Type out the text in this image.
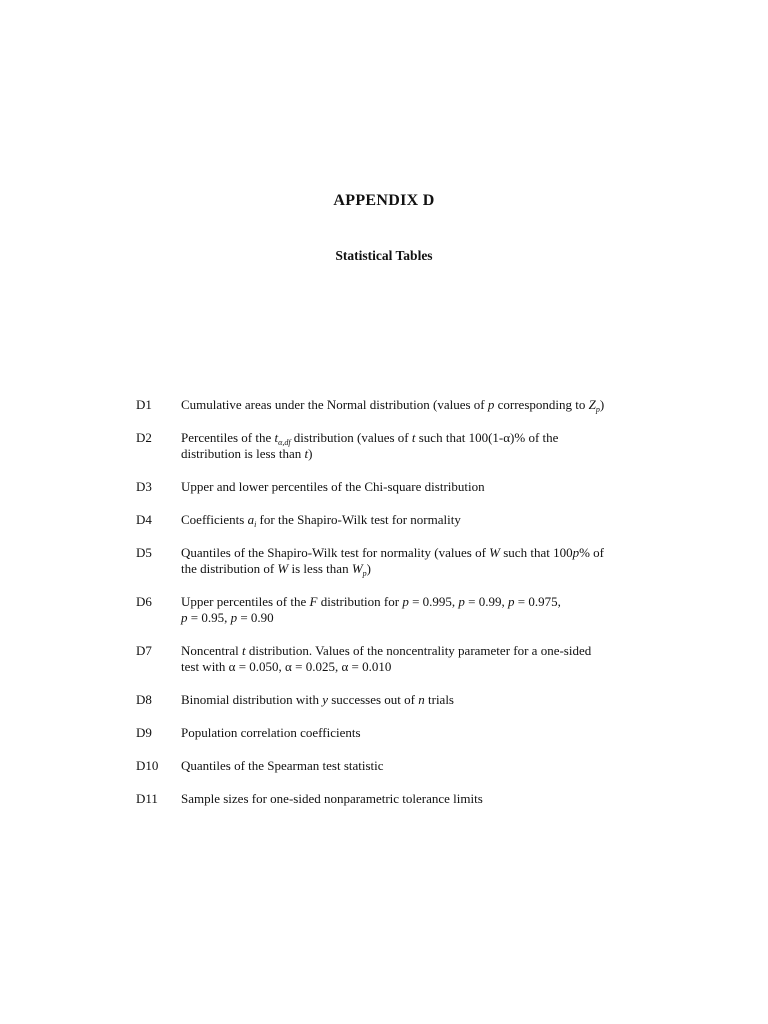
APPENDIX D
Statistical Tables
D1	Cumulative areas under the Normal distribution (values of p corresponding to $Z_p$)
D2	Percentiles of the $t_{\alpha,df}$ distribution (values of t such that 100(1-α)% of the
distribution is less than t)
D3	Upper and lower percentiles of the Chi-square distribution
D4	Coefficients $a_i$ for the Shapiro-Wilk test for normality
D5	Quantiles of the Shapiro-Wilk test for normality (values of W such that 100p% of
the distribution of W is less than $W_p$)
D6	Upper percentiles of the F distribution for p = 0.995, p = 0.99, p = 0.975,
p = 0.95, p = 0.90
D7	Noncentral t distribution. Values of the noncentrality parameter for a one-sided
test with α = 0.050, α = 0.025, α = 0.010
D8	Binomial distribution with y successes out of n trials
D9	Population correlation coefficients
D10	Quantiles of the Spearman test statistic
D11	Sample sizes for one-sided nonparametric tolerance limits
